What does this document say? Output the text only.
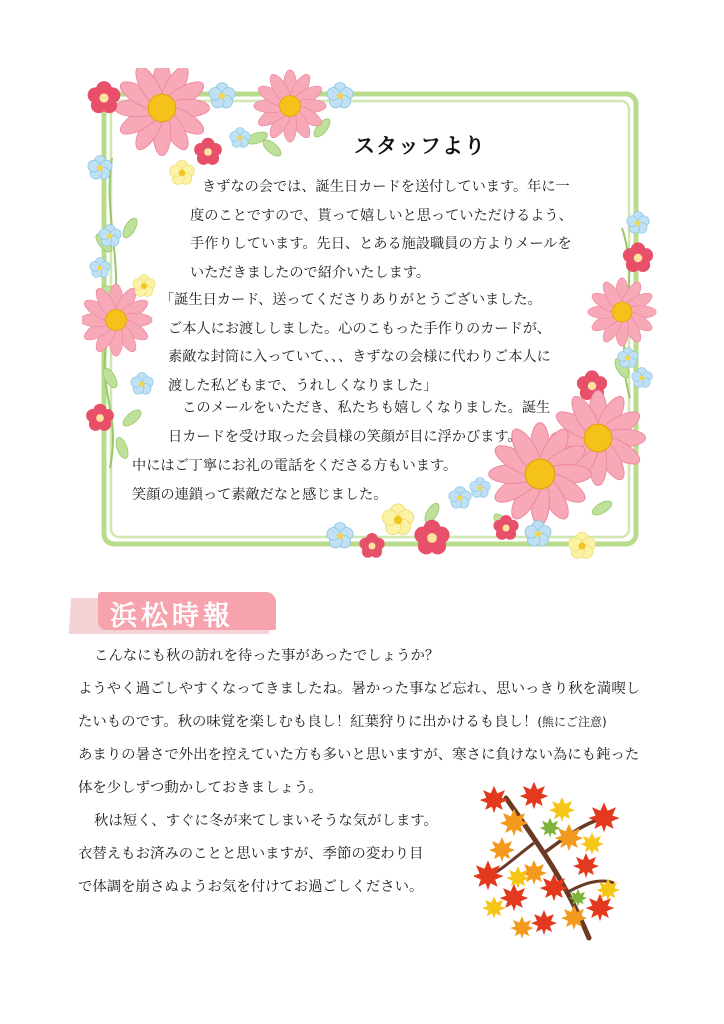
スタッフより

きずなの会では、誕生日カードを送付しています。年に一
度のことですので、貰って嬉しいと思っていただけるよう、
手作りしています。先日、とある施設職員の方よりメールを
いただきましたので紹介いたします。

「誕生日カード、送ってくださりありがとうございました。
ご本人にお渡ししました。心のこもった手作りのカードが、
素敵な封筒に入っていて、、、きずなの会様に代わりご本人に
渡した私どもまで、うれしくなりました」

　このメールをいただき、私たちも嬉しくなりました。誕生
日カードを受け取った会員様の笑顔が目に浮かびます。

中にはご丁寧にお礼の電話をくださる方もいます。
笑顔の連鎖って素敵だなと感じました。

浜松時報
こんなにも秋の訪れを待った事があったでしょうか？
ようやく過ごしやすくなってきましたね。暑かった事など忘れ、思いっきり秋を満喫し
たいものです。秋の味覚を楽しむも良し！紅葉狩りに出かけるも良し！(熊にご注意)
あまりの暑さで外出を控えていた方も多いと思いますが、寒さに負けない為にも鈍った
体を少しずつ動かしておきましょう。
秋は短く、すぐに冬が来てしまいそうな気がします。
衣替えもお済みのことと思いますが、季節の変わり目
で体調を崩さぬようお気を付けてお過ごしください。
